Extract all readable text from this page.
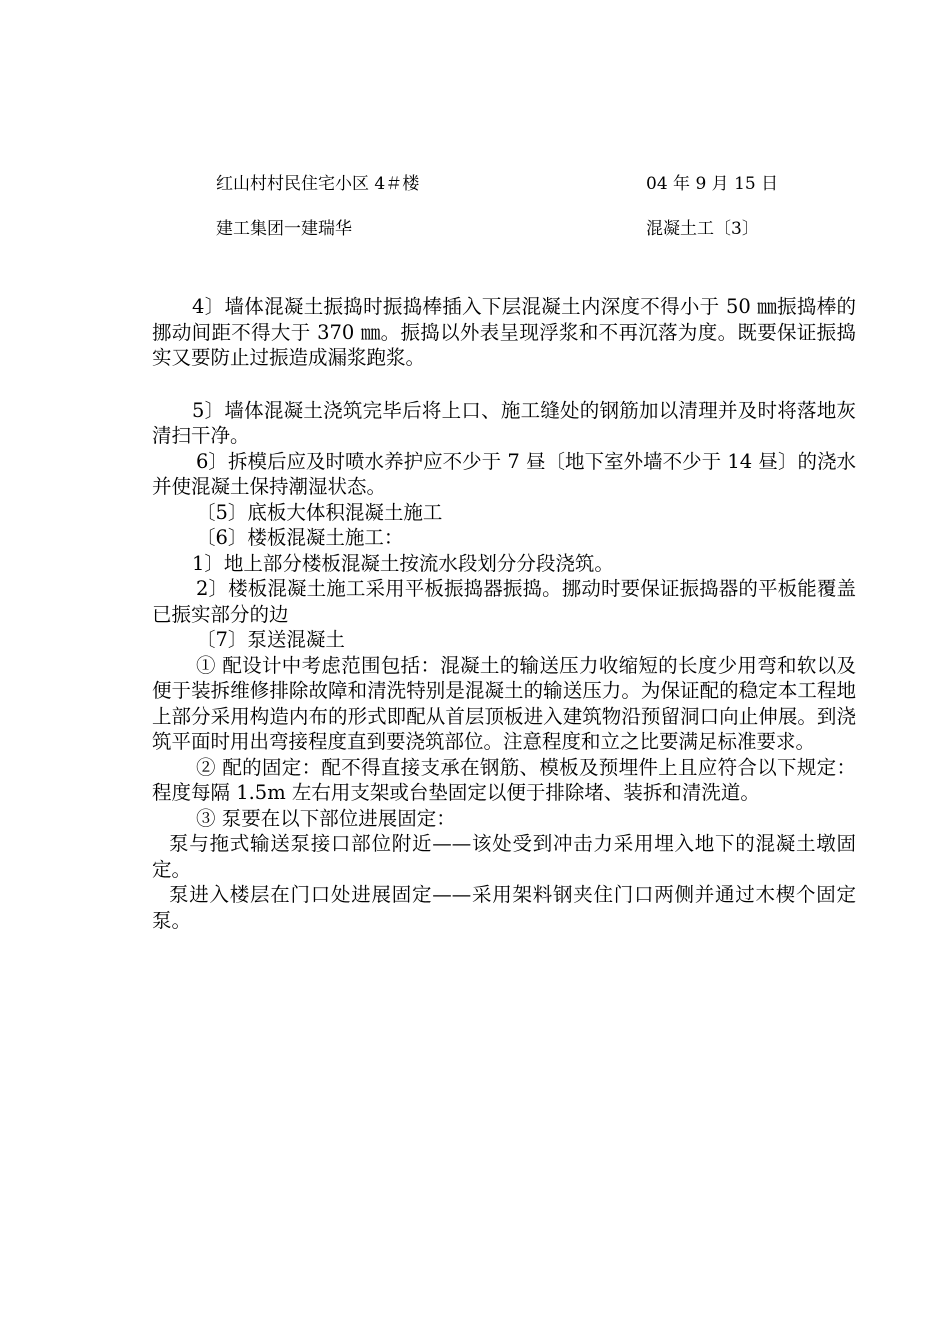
红山村村民住宅小区 4＃楼	04 年 9 月 15 日
建工集团一建瑞华	混凝土工〔3〕

4〕墙体混凝土振捣时振捣棒插入下层混凝土内深度不得小于 50 ㎜振捣棒的挪动间距不得大于 370 ㎜。振捣以外表呈现浮浆和不再沉落为度。既要保证振捣实又要防止过振造成漏浆跑浆。

5〕墙体混凝土浇筑完毕后将上口、施工缝处的钢筋加以清理并及时将落地灰清扫干净。

6〕拆模后应及时喷水养护应不少于 7 昼〔地下室外墙不少于 14 昼〕的浇水并使混凝土保持潮湿状态。

〔5〕底板大体积混凝土施工

〔6〕楼板混凝土施工：

1〕地上部分楼板混凝土按流水段划分分段浇筑。

2〕楼板混凝土施工采用平板振捣器振捣。挪动时要保证振捣器的平板能覆盖已振实部分的边

〔7〕泵送混凝土

① 配设计中考虑范围包括：混凝土的输送压力收缩短的长度少用弯和软以及便于装拆维修排除故障和清洗特别是混凝土的输送压力。为保证配的稳定本工程地上部分采用构造内布的形式即配从首层顶板进入建筑物沿预留洞口向止伸展。到浇筑平面时用出弯接程度直到要浇筑部位。注意程度和立之比要满足标准要求。

② 配的固定：配不得直接支承在钢筋、模板及预埋件上且应符合以下规定：程度每隔 1.5m 左右用支架或台垫固定以便于排除堵、装拆和清洗道。

③ 泵要在以下部位进展固定：

泵与拖式输送泵接口部位附近——该处受到冲击力采用埋入地下的混凝土墩固定。

泵进入楼层在门口处进展固定——采用架料钢夹住门口两侧并通过木楔个固定泵。
